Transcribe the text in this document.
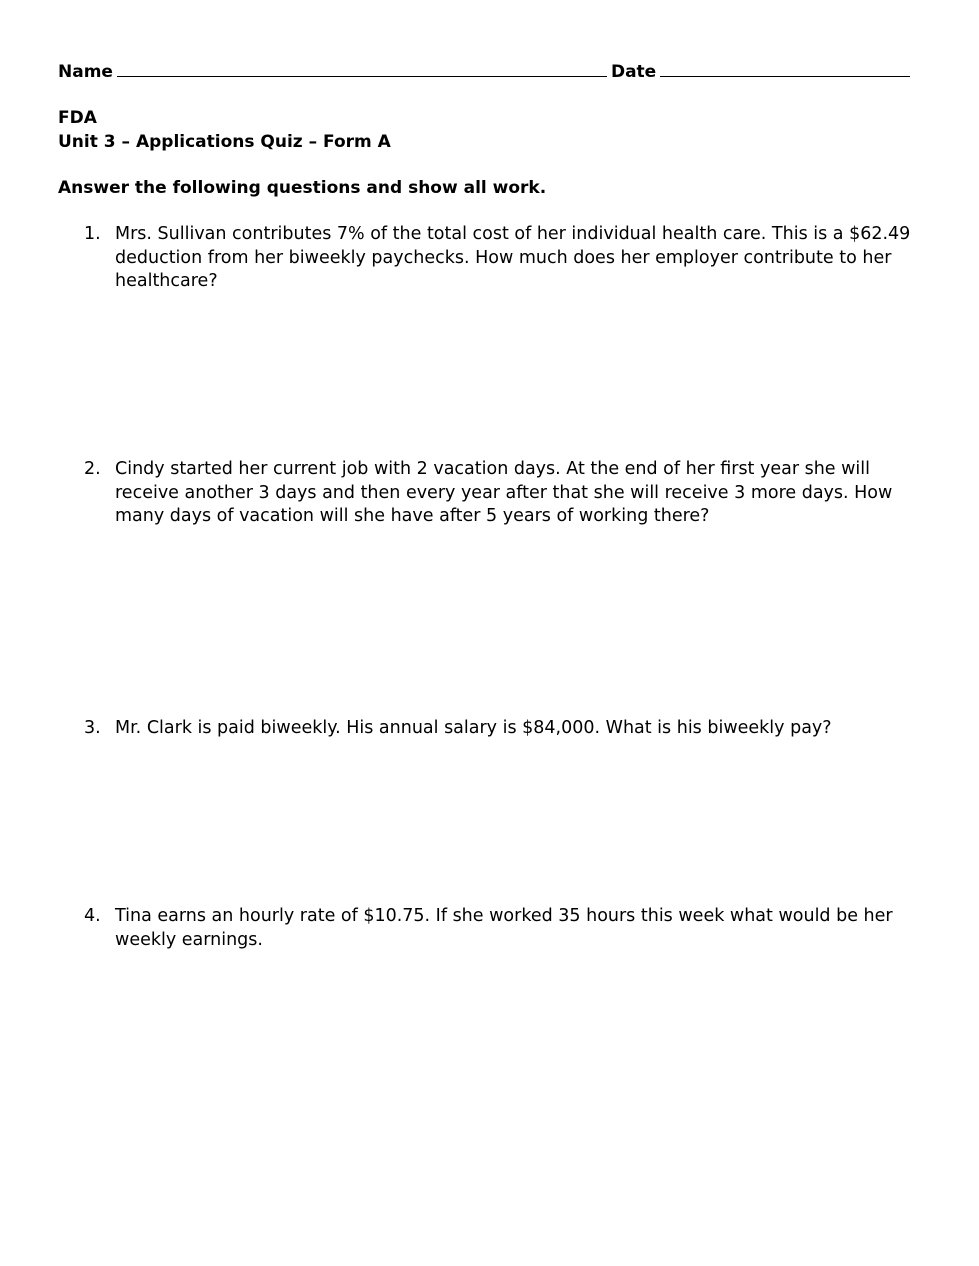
Name	Date
FDA
Unit 3 – Applications Quiz – Form A
Answer the following questions and show all work.
1. Mrs. Sullivan contributes 7% of the total cost of her individual health care. This is a $62.49 deduction from her biweekly paychecks. How much does her employer contribute to her healthcare?
2. Cindy started her current job with 2 vacation days. At the end of her first year she will receive another 3 days and then every year after that she will receive 3 more days. How many days of vacation will she have after 5 years of working there?
3. Mr. Clark is paid biweekly. His annual salary is $84,000. What is his biweekly pay?
4. Tina earns an hourly rate of $10.75. If she worked 35 hours this week what would be her weekly earnings.
